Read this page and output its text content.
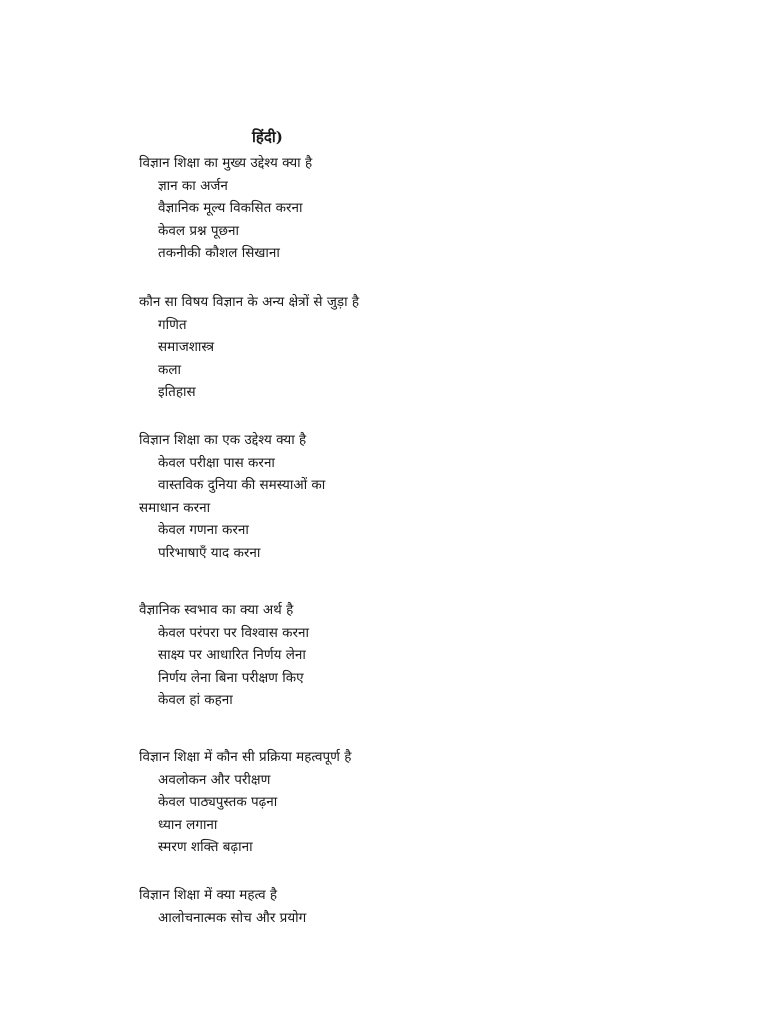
हिंदी)
विज्ञान शिक्षा का मुख्य उद्देश्य क्या है
ज्ञान का अर्जन
वैज्ञानिक मूल्य विकसित करना
केवल प्रश्न पूछना
तकनीकी कौशल सिखाना
कौन सा विषय विज्ञान के अन्य क्षेत्रों से जुड़ा है
गणित
समाजशास्त्र
कला
इतिहास
विज्ञान शिक्षा का एक उद्देश्य क्या है
केवल परीक्षा पास करना
वास्तविक दुनिया की समस्याओं का
समाधान करना
केवल गणना करना
परिभाषाएँ याद करना
वैज्ञानिक स्वभाव का क्या अर्थ है
केवल परंपरा पर विश्वास करना
साक्ष्य पर आधारित निर्णय लेना
निर्णय लेना बिना परीक्षण किए
केवल हां कहना
विज्ञान शिक्षा में कौन सी प्रक्रिया महत्वपूर्ण है
अवलोकन और परीक्षण
केवल पाठ्यपुस्तक पढ़ना
ध्यान लगाना
स्मरण शक्ति बढ़ाना
विज्ञान शिक्षा में क्या महत्व है
आलोचनात्मक सोच और प्रयोग
